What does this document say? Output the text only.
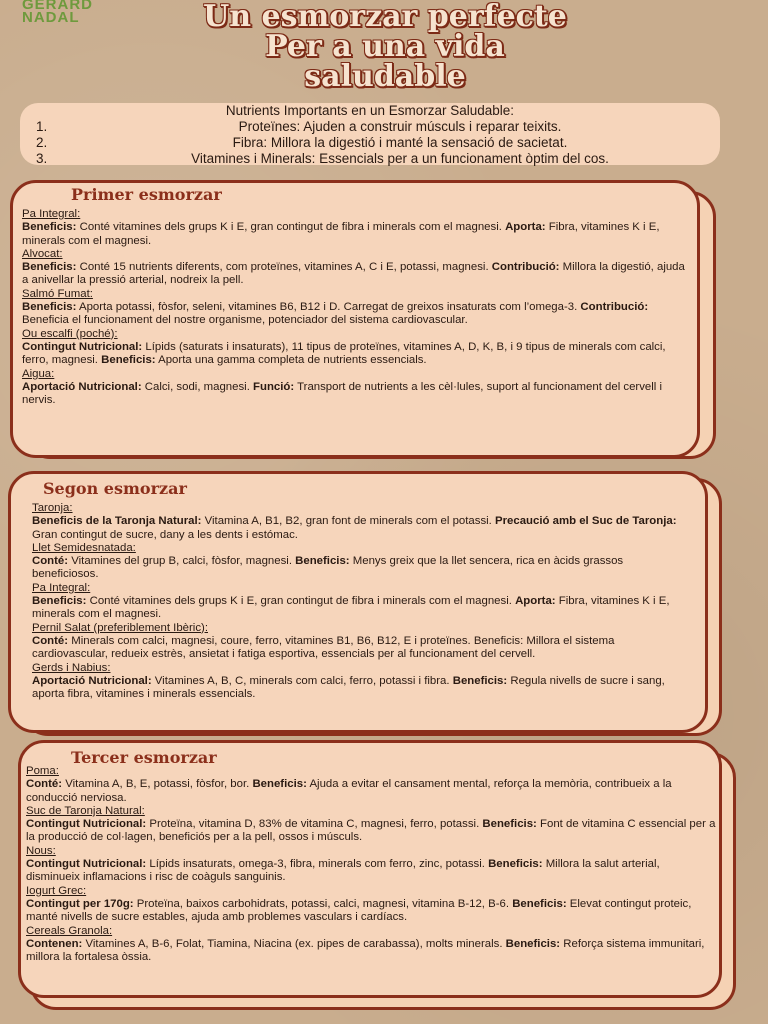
GERARD
NADAL	Un esmorzar perfecte
Per a una vida
saludable
Nutrients Importants en un Esmorzar Saludable:
1.	Proteïnes: Ajuden a construir músculs i reparar teixits.
2.	Fibra: Millora la digestió i manté la sensació de sacietat.
3.	Vitamines i Minerals: Essencials per a un funcionament òptim del cos.
Primer esmorzar
Pa Integral:
Beneficis: Conté vitamines dels grups K i E, gran contingut de fibra i minerals com el magnesi. Aporta: Fibra, vitamines K i E, minerals com el magnesi.
Alvocat:
Beneficis: Conté 15 nutrients diferents, com proteïnes, vitamines A, C i E, potassi, magnesi. Contribució: Millora la digestió, ajuda a anivellar la pressió arterial, nodreix la pell.
Salmó Fumat:
Beneficis: Aporta potassi, fòsfor, seleni, vitamines B6, B12 i D. Carregat de greixos insaturats com l’omega-3. Contribució: Beneficia el funcionament del nostre organisme, potenciador del sistema cardiovascular.
Ou escalfi (poché):
Contingut Nutricional: Lípids (saturats i insaturats), 11 tipus de proteïnes, vitamines A, D, K, B, i 9 tipus de minerals com calci, ferro, magnesi. Beneficis: Aporta una gamma completa de nutrients essencials.
Aigua:
Aportació Nutricional: Calci, sodi, magnesi. Funció: Transport de nutrients a les cèl·lules, suport al funcionament del cervell i nervis.
Segon esmorzar
Taronja:
Beneficis de la Taronja Natural: Vitamina A, B1, B2, gran font de minerals com el potassi. Precaució amb el Suc de Taronja: Gran contingut de sucre, dany a les dents i estómac.
Llet Semidesnatada:
Conté: Vitamines del grup B, calci, fòsfor, magnesi. Beneficis: Menys greix que la llet sencera, rica en àcids grassos beneficiosos.
Pa Integral:
Beneficis: Conté vitamines dels grups K i E, gran contingut de fibra i minerals com el magnesi. Aporta: Fibra, vitamines K i E, minerals com el magnesi.
Pernil Salat (preferiblement Ibèric):
Conté: Minerals com calci, magnesi, coure, ferro, vitamines B1, B6, B12, E i proteïnes. Beneficis: Millora el sistema cardiovascular, redueix estrès, ansietat i fatiga esportiva, essencials per al funcionament del cervell.
Gerds i Nabius:
Aportació Nutricional: Vitamines A, B, C, minerals com calci, ferro, potassi i fibra. Beneficis: Regula nivells de sucre i sang, aporta fibra, vitamines i minerals essencials.
Tercer esmorzar
Poma:
Conté: Vitamina A, B, E, potassi, fòsfor, bor. Beneficis: Ajuda a evitar el cansament mental, reforça la memòria, contribueix a la conducció nerviosa.
Suc de Taronja Natural:
Contingut Nutricional: Proteïna, vitamina D, 83% de vitamina C, magnesi, ferro, potassi. Beneficis: Font de vitamina C essencial per a la producció de col·lagen, beneficiós per a la pell, ossos i músculs.
Nous:
Contingut Nutricional: Lípids insaturats, omega-3, fibra, minerals com ferro, zinc, potassi. Beneficis: Millora la salut arterial, disminueix inflamacions i risc de coàguls sanguinis.
Iogurt Grec:
Contingut per 170g: Proteïna, baixos carbohidrats, potassi, calci, magnesi, vitamina B-12, B-6. Beneficis: Elevat contingut proteic, manté nivells de sucre estables, ajuda amb problemes vasculars i cardíacs.
Cereals Granola:
Contenen: Vitamines A, B-6, Folat, Tiamina, Niacina (ex. pipes de carabassa), molts minerals. Beneficis: Reforça sistema immunitari, millora la fortalesa òssia.
